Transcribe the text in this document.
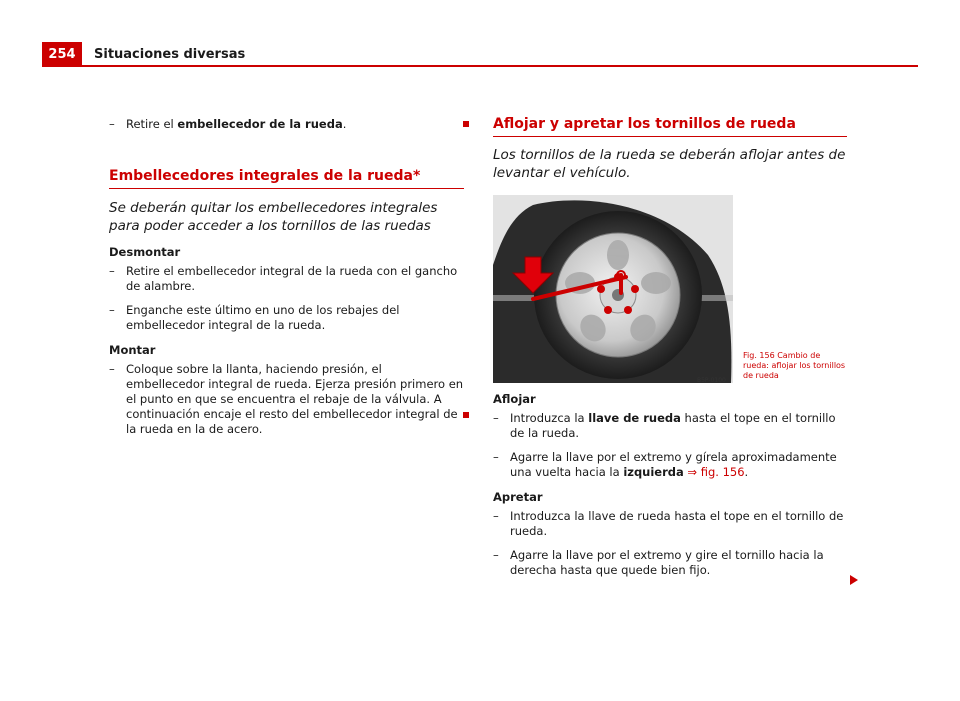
254	Situaciones diversas
– Retire el embellecedor de la rueda.
Embellecedores integrales de la rueda*
Se deberán quitar los embellecedores integrales para poder acceder a los tornillos de las ruedas
Desmontar
– Retire el embellecedor integral de la rueda con el gancho de alambre.
– Enganche este último en uno de los rebajes del embellecedor integral de la rueda.
Montar
– Coloque sobre la llanta, haciendo presión, el embellecedor integral de rueda. Ejerza presión primero en el punto en que se encuentra el rebaje de la válvula. A continuación encaje el resto del embellecedor integral de la rueda en la de acero.
Aflojar y apretar los tornillos de rueda
Los tornillos de la rueda se deberán aflojar antes de levantar el vehículo.
B5P-0100
Fig. 156 Cambio de rueda: aflojar los tornillos de rueda
Aflojar
– Introduzca la llave de rueda hasta el tope en el tornillo de la rueda.
– Agarre la llave por el extremo y gírela aproximadamente una vuelta hacia la izquierda ⇒ fig. 156.
Apretar
– Introduzca la llave de rueda hasta el tope en el tornillo de rueda.
– Agarre la llave por el extremo y gire el tornillo hacia la derecha hasta que quede bien fijo.
